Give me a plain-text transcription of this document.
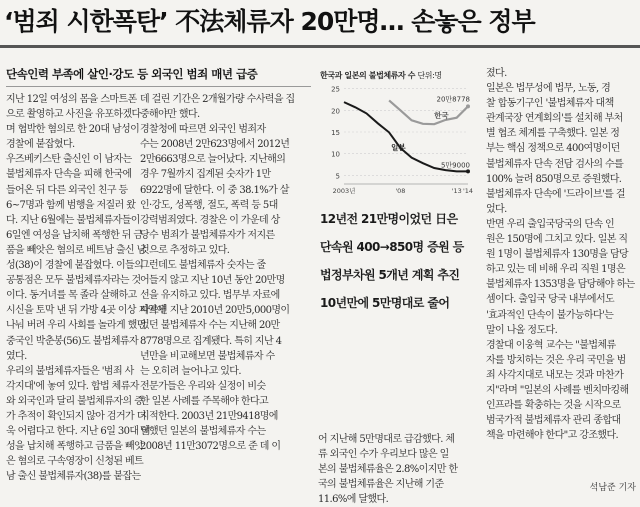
‘범죄 시한폭탄’ 不法체류자 20만명… 손놓은 정부
단속인력 부족에 살인·강도 등 외국인 범죄 매년 급증

지난 12일 여성의 몸을 스마트폰

으로 촬영하고 사진을 유포하겠다

며 협박한 혐의로 한 20대 남성이

경찰에 붙잡혔다.

우즈베키스탄 출신인 이 남자는

불법체류자 단속을 피해 한국에

들어온 뒤 다른 외국인 친구 등

6~7명과 함께 범행을 저질러 왔

다. 지난 6월에는 불법체류자들이

6일엔 여성을 납치해 폭행한 뒤 금

품을 빼앗은 혐의로 베트남 출신 남

성(38)이 경찰에 붙잡혔다. 이들의

공통점은 모두 불법체류자라는 것

이다. 동거녀를 목 졸라 살해하고

시신을 토막 낸 뒤 가방 4곳 이상 지역에

나눠 버려 우리 사회를 놀라게 했던

중국인 박춘봉(56)도 불법체류자

였다.

우리의 불법체류자들은 '범죄 사

각지대'에 놓여 있다. 합법 체류자

와 외국인과 달리 불법체류자의 증

가 추적이 확인되지 않아 검거가 더

욱 어렵다고 한다. 지난 6일 30대 여

성을 납치해 폭행하고 금품을 빼앗

은 혐의로 구속영장이 신청된 베트

남 출신 불법체류자(38)를 붙잡는

데 걸린 기간은 2개월가량 수사력을 집

중해야만 했다.

경찰청에 따르면 외국인 범죄자

수는 2008년 2만623명에서 2012년

2만6663명으로 늘어났다. 지난해의

경우 7월까지 집계된 숫자가 1만

6922명에 달한다. 이 중 38.1%가 살

인·강도, 성폭행, 절도, 폭력 등 5대

강력범죄였다. 경찰은 이 가운데 상

당수 범죄가 불법체류자가 저지른

것으로 추정하고 있다.

그런데도 불법체류자 숫자는 줄

어들지 않고 지난 10년 동안 20만명

선을 유지하고 있다. 법무부 자료에

따르면 지난 2010년 20만5,000명이

었던 불법체류자 수는 지난해 20만

8778명으로 집계됐다. 특히 지난 4

년만을 비교해보면 불법체류자 수

는 오히려 늘어나고 있다.

전문가들은 우리와 실정이 비슷

한 일본 사례를 주목해야 한다고

지적한다. 2003년 21만9418명에

달했던 일본의 불법체류자 수는

2008년 11만3072명으로 준 데 이

한국과 일본의 불법체류자 수 단위:명
25
20
15
10
5
2003년	'08	'13 '14
한국
일본
20만8778
5만9000
12년전 21만명이었던 日은
단속원 400→850명 증원 등
법정부차원 5개년 계획 추진
10년만에 5만명대로 줄어

어 지난해 5만명대로 급감했다. 체

류 외국인 수가 우리보다 많은 일

본의 불법체류율은 2.8%이지만 한

국의 불법체류율은 지난해 기준

11.6%에 달했다.

졌다.

일본은 법무성에 법무, 노동, 경

찰 합동기구인 '불법체류자 대책

관계국장 연계회의'를 설치해 부처

별 협조 체계를 구축했다. 일본 정

부는 핵심 정책으로 400여명이던

불법체류자 단속 전담 검사의 수를

100% 늘려 850명으로 증원했다.

불법체류자 단속에 '드라이브'를 걸

었다.

반면 우리 출입국당국의 단속 인

원은 150명에 그치고 있다. 일본 직

원 1명이 불법체류자 130명을 담당

하고 있는 데 비해 우리 직원 1명은

불법체류자 1353명을 담당해야 하는

셈이다. 출입국 당국 내부에서도

'효과적인 단속이 불가능하다'는

말이 나올 정도다.

경찰대 이웅혁 교수는 "불법체류

자를 방치하는 것은 우리 국민을 범

죄 사각지대로 내모는 것과 마찬가

지"라며 "일본의 사례를 벤치마킹해

인프라를 확충하는 것을 시작으로

범국가적 불법체류자 관리 종합대

책을 마련해야 한다"고 강조했다.

석남준 기자
